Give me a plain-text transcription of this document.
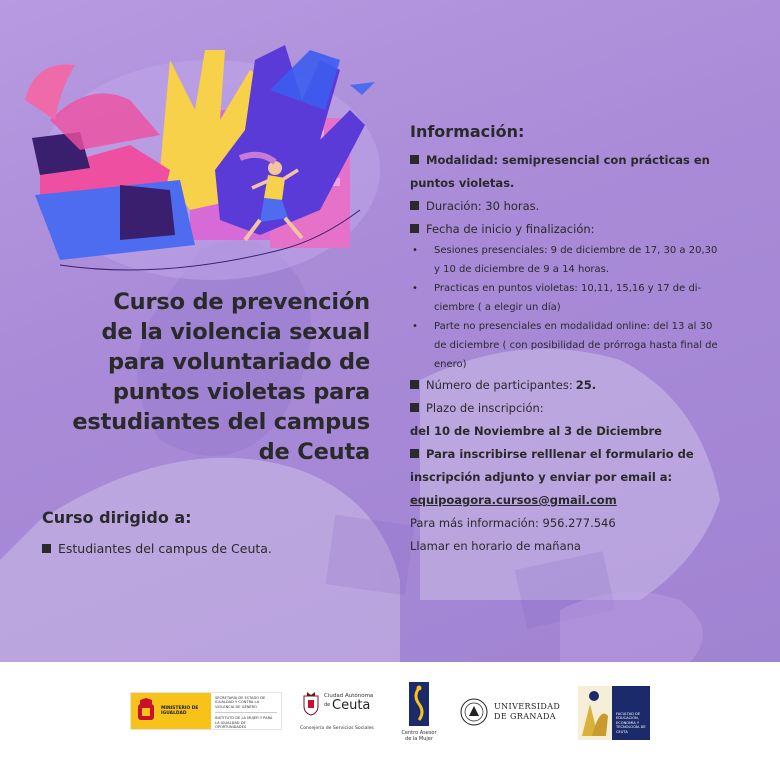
Curso de prevención
de la violencia sexual
para voluntariado de
puntos violetas para
estudiantes del campus
de Ceuta
Curso dirigido a:
Estudiantes del campus de Ceuta.
Información:
Modalidad: semipresencial con prácticas en
puntos violetas.
Duración: 30 horas.
Fecha de inicio y finalización:
•	Sesiones presenciales: 9 de diciembre de 17, 30 a 20,30
y 10 de diciembre de 9 a 14 horas.
•	Practicas en puntos violetas: 10,11, 15,16 y 17 de di-
ciembre ( a elegir un día)
•	Parte no presenciales en modalidad online: del 13 al 30
de diciembre ( con posibilidad de prórroga hasta final de
enero)
Número de participantes: 25.
Plazo de inscripción:
del 10 de Noviembre al 3 de Diciembre
Para inscribirse relllenar el formulario de
inscripción adjunto y enviar por email a:
equipoagora.cursos@gmail.com
Para más información: 956.277.546
Llamar en horario de mañana
MINISTERIO DE IGUALDAD
SECRETARÍA DE ESTADO DE IGUALDAD Y CONTRA LA VIOLENCIA DE GÉNERO
INSTITUTO DE LA MUJER Y PARA LA IGUALDAD DE OPORTUNIDADES
Ciudad Autónoma
de Ceuta
Consejería de Servicios Sociales
Centro Asesor
de la Mujer
UNIVERSIDAD
DE GRANADA	FACULTAD DE EDUCACIÓN, ECONOMÍA Y TECNOLOGÍA DE CEUTA
